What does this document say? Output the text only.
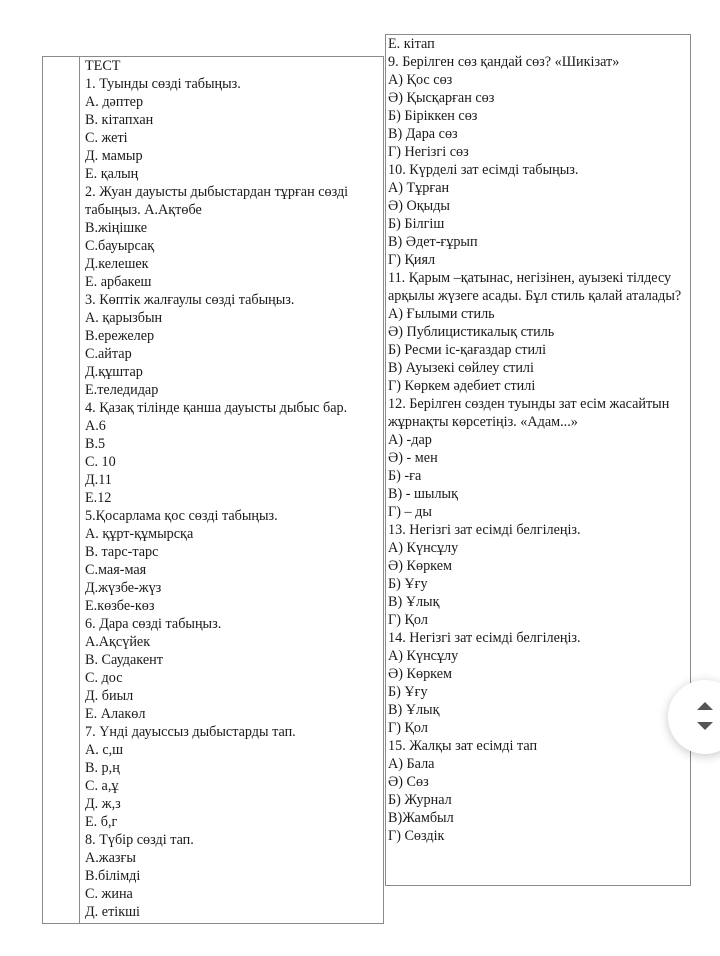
ТЕСТ

1. Туынды сөзді табыңыз.

А. дәптер

В. кітапхан

С. жеті

Д. мамыр

Е. қалың

2. Жуан дауысты дыбыстардан тұрған сөзді табыңыз. А.Ақтөбе

В.жіңішке

С.бауырсақ

Д.келешек

Е. арбакеш

3. Көптік жалғаулы сөзді табыңыз.

А. қарызбын

В.ережелер

С.айтар

Д.құштар

Е.теледидар

4. Қазақ тілінде қанша дауысты дыбыс бар.

А.6

В.5

С. 10

Д.11

Е.12

5.Қосарлама қос сөзді табыңыз.

А. құрт-құмырсқа

В. тарс-тарс

С.мая-мая

Д.жүзбе-жүз

Е.көзбе-көз

6. Дара сөзді табыңыз.

А.Ақсүйек

В. Саудакент

С. дос

Д. биыл

Е. Алакөл

7. Үнді дауыссыз дыбыстарды тап.

А. с,ш

В. р,ң

С. а,ұ

Д. ж,з

Е. б,г

8. Түбір сөзді тап.

А.жазғы

В.білімді

С. жина

Д. етікші

Е. кітап

9. Берілген сөз қандай сөз? «Шикізат»

А) Қос сөз

Ә) Қысқарған сөз

Б) Біріккен сөз

В) Дара сөз

Г) Негізгі сөз

10. Күрделі зат есімді табыңыз.

А) Тұрған

Ә) Оқыды

Б) Білгіш

В) Әдет-ғұрып

Г) Қиял

11. Қарым –қатынас, негізінен, ауызекі тілдесу арқылы жүзеге асады. Бұл стиль қалай аталады?

А) Ғылыми стиль

Ә) Публицистикалық стиль

Б) Ресми іс-қағаздар стилі

В) Ауызекі сөйлеу стилі

Г) Көркем әдебиет стилі

12. Берілген сөзден туынды зат есім жасайтын жұрнақты көрсетіңіз. «Адам...»

А) -дар

Ә) - мен

Б) -ға

В) - шылық

Г) – ды

13. Негізгі зат есімді белгілеңіз.

А) Күнсұлу

Ә) Көркем

Б) Ұғу

В) Ұлық

Г) Қол

14. Негізгі зат есімді белгілеңіз.

А) Күнсұлу

Ә) Көркем

Б) Ұғу

В) Ұлық

Г) Қол

15. Жалқы зат есімді тап

А) Бала

Ә) Сөз

Б) Журнал

В)Жамбыл

Г) Сөздік
